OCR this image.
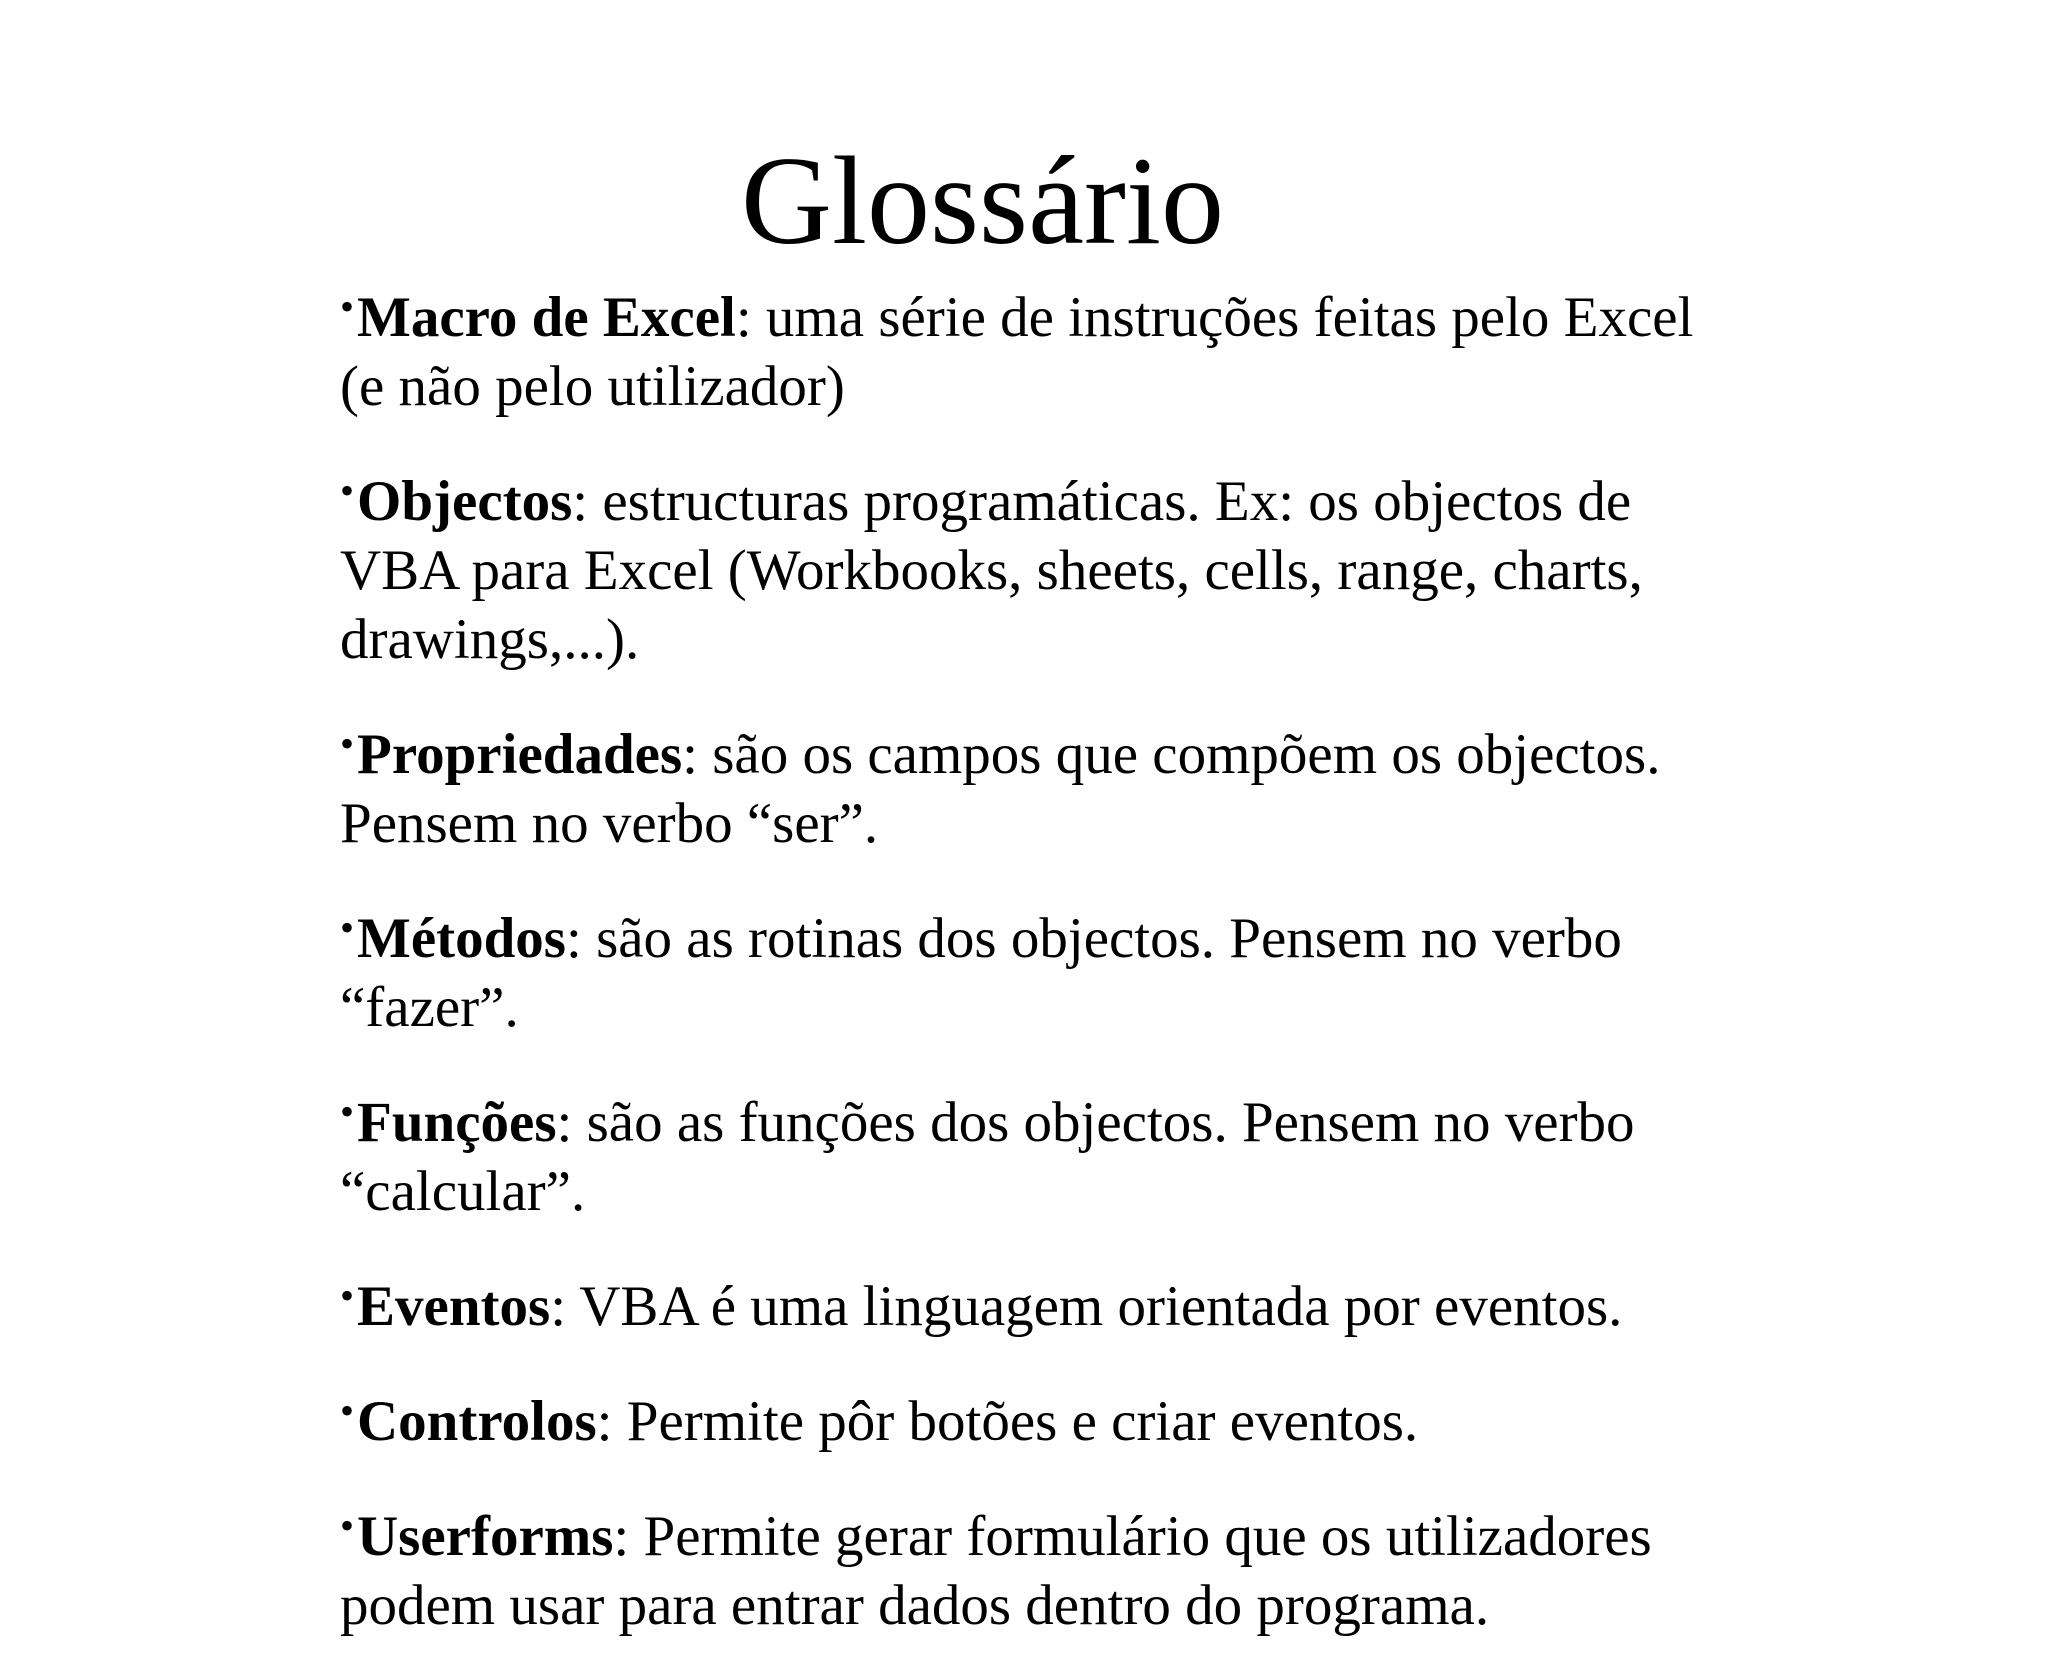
Glossário
•Macro de Excel: uma série de instruções feitas pelo Excel (e não pelo utilizador)
•Objectos: estructuras programáticas. Ex: os objectos de VBA para Excel (Workbooks, sheets, cells, range, charts, drawings,...).
•Propriedades: são os campos que compõem os objectos. Pensem no verbo “ser”.
•Métodos: são as rotinas dos objectos. Pensem no verbo “fazer”.
•Funções: são as funções dos objectos. Pensem no verbo “calcular”.
•Eventos: VBA é uma linguagem orientada por eventos.
•Controlos: Permite pôr botões e criar eventos.
•Userforms: Permite gerar formulário que os utilizadores podem usar para entrar dados dentro do programa.
